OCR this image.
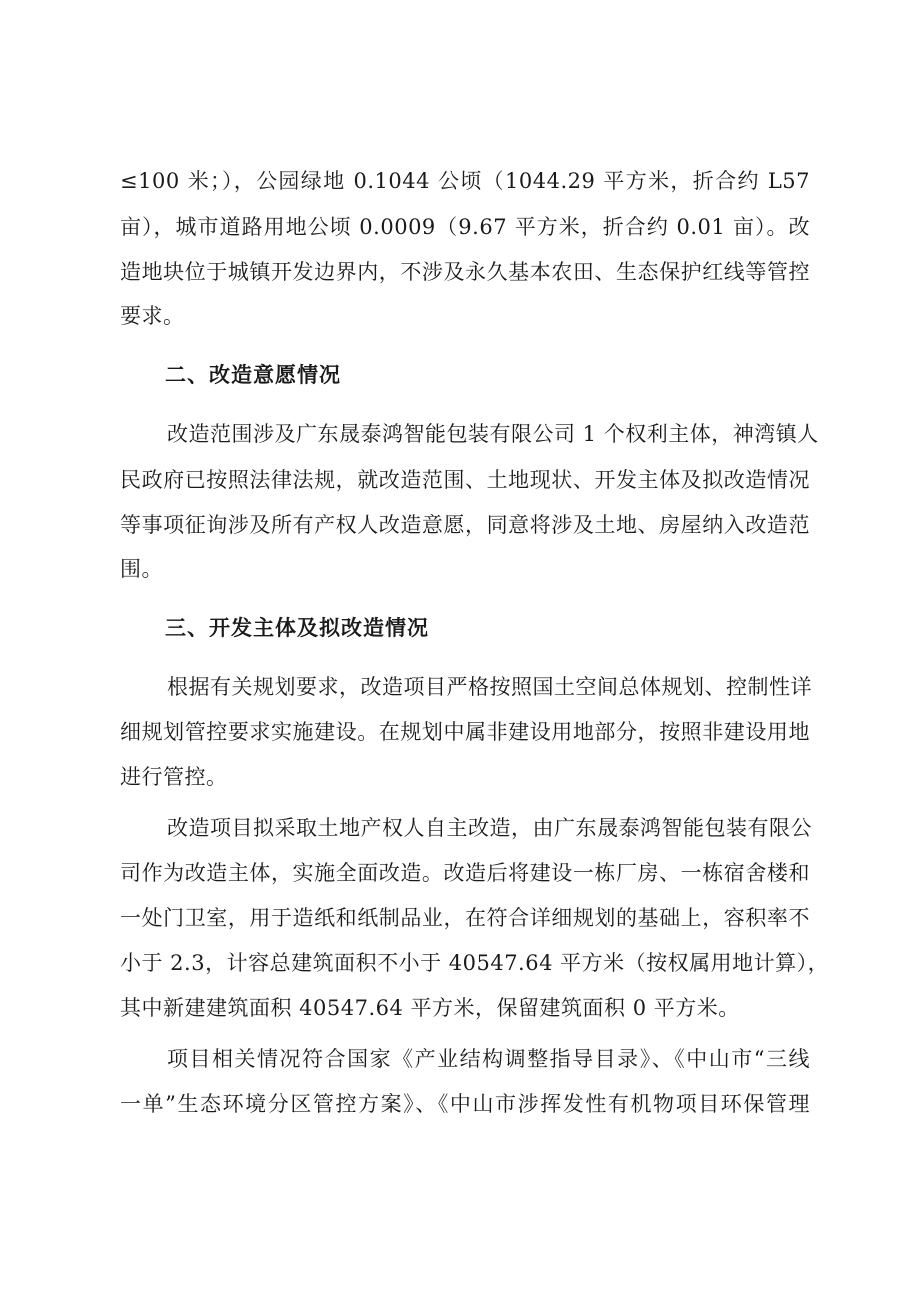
≤100 米；），公园绿地 0.1044 公顷（1044.29 平方米，折合约 L57
亩），城市道路用地公顷 0.0009（9.67 平方米，折合约 0.01 亩）。改
造地块位于城镇开发边界内，不涉及永久基本农田、生态保护红线等管控
要求。
二、改造意愿情况
改造范围涉及广东晟泰鸿智能包装有限公司 1 个权利主体，神湾镇人
民政府已按照法律法规，就改造范围、土地现状、开发主体及拟改造情况
等事项征询涉及所有产权人改造意愿，同意将涉及土地、房屋纳入改造范
围。
三、开发主体及拟改造情况
根据有关规划要求，改造项目严格按照国土空间总体规划、控制性详
细规划管控要求实施建设。在规划中属非建设用地部分，按照非建设用地
进行管控。
改造项目拟采取土地产权人自主改造，由广东晟泰鸿智能包装有限公
司作为改造主体，实施全面改造。改造后将建设一栋厂房、一栋宿舍楼和
一处门卫室，用于造纸和纸制品业，在符合详细规划的基础上，容积率不
小于 2.3，计容总建筑面积不小于 40547.64 平方米（按权属用地计算），
其中新建建筑面积 40547.64 平方米，保留建筑面积 0 平方米。
项目相关情况符合国家《产业结构调整指导目录》、《中山市“三线
一单”生态环境分区管控方案》、《中山市涉挥发性有机物项目环保管理
